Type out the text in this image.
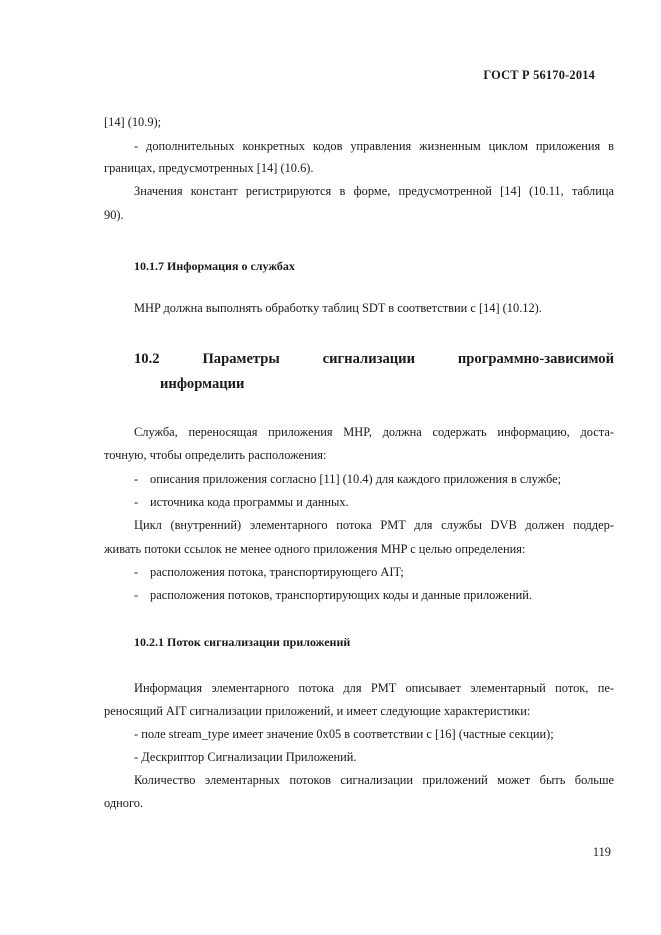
ГОСТ Р 56170-2014
[14] (10.9);
- дополнительных конкретных кодов управления жизненным циклом приложения в
границах, предусмотренных [14] (10.6).
Значения констант регистрируются в форме, предусмотренной [14] (10.11, таблица
90).
10.1.7 Информация о службах
MHP должна выполнять обработку таблиц SDT в соответствии с [14] (10.12).
10.2 Параметры сигнализации программно-зависимой
информации
Служба, переносящая приложения MHP, должна содержать информацию, доста-
точную, чтобы определить расположения:
- описания приложения согласно [11] (10.4) для каждого приложения в службе;
- источника кода программы и данных.
Цикл (внутренний) элементарного потока PMT для службы DVB должен поддер-
живать потоки ссылок не менее одного приложения MHP с целью определения:
- расположения потока, транспортирующего AIT;
- расположения потоков, транспортирующих коды и данные приложений.
10.2.1 Поток сигнализации приложений
Информация элементарного потока для PMT описывает элементарный поток, пе-
реносящий AIT сигнализации приложений, и имеет следующие характеристики:
- поле stream_type имеет значение 0x05 в соответствии с [16] (частные секции);
- Дескриптор Сигнализации Приложений.
Количество элементарных потоков сигнализации приложений может быть больше
одного.
119
